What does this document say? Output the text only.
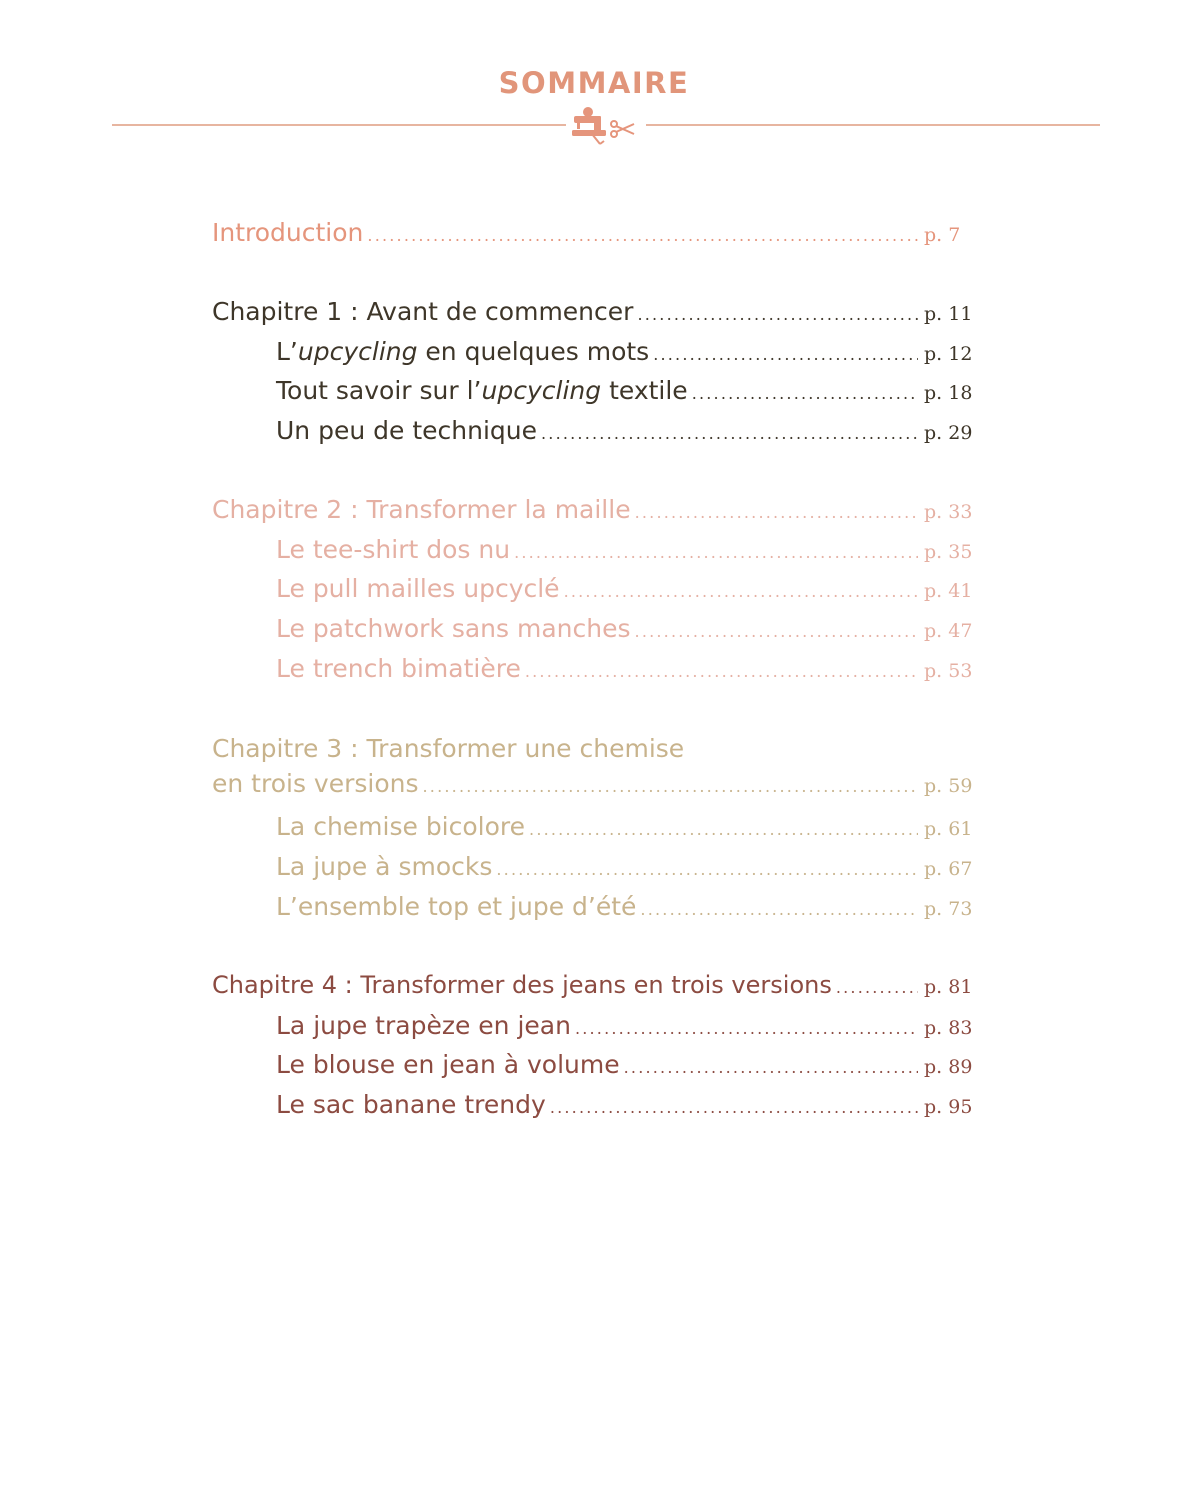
SOMMAIRE
Introduction .....	p. 7
Chapitre 1 : Avant de commencer .....	p. 11
L’upcycling en quelques mots .....	p. 12
Tout savoir sur l’upcycling textile .....	p. 18
Un peu de technique .....	p. 29
Chapitre 2 : Transformer la maille .....	p. 33
Le tee-shirt dos nu .....	p. 35
Le pull mailles upcyclé .....	p. 41
Le patchwork sans manches .....	p. 47
Le trench bimatière .....	p. 53
Chapitre 3 : Transformer une chemise
en trois versions .....	p. 59
La chemise bicolore .....	p. 61
La jupe à smocks .....	p. 67
L’ensemble top et jupe d’été .....	p. 73
Chapitre 4 : Transformer des jeans en trois versions .....	p. 81
La jupe trapèze en jean .....	p. 83
Le blouse en jean à volume .....	p. 89
Le sac banane trendy .....	p. 95
